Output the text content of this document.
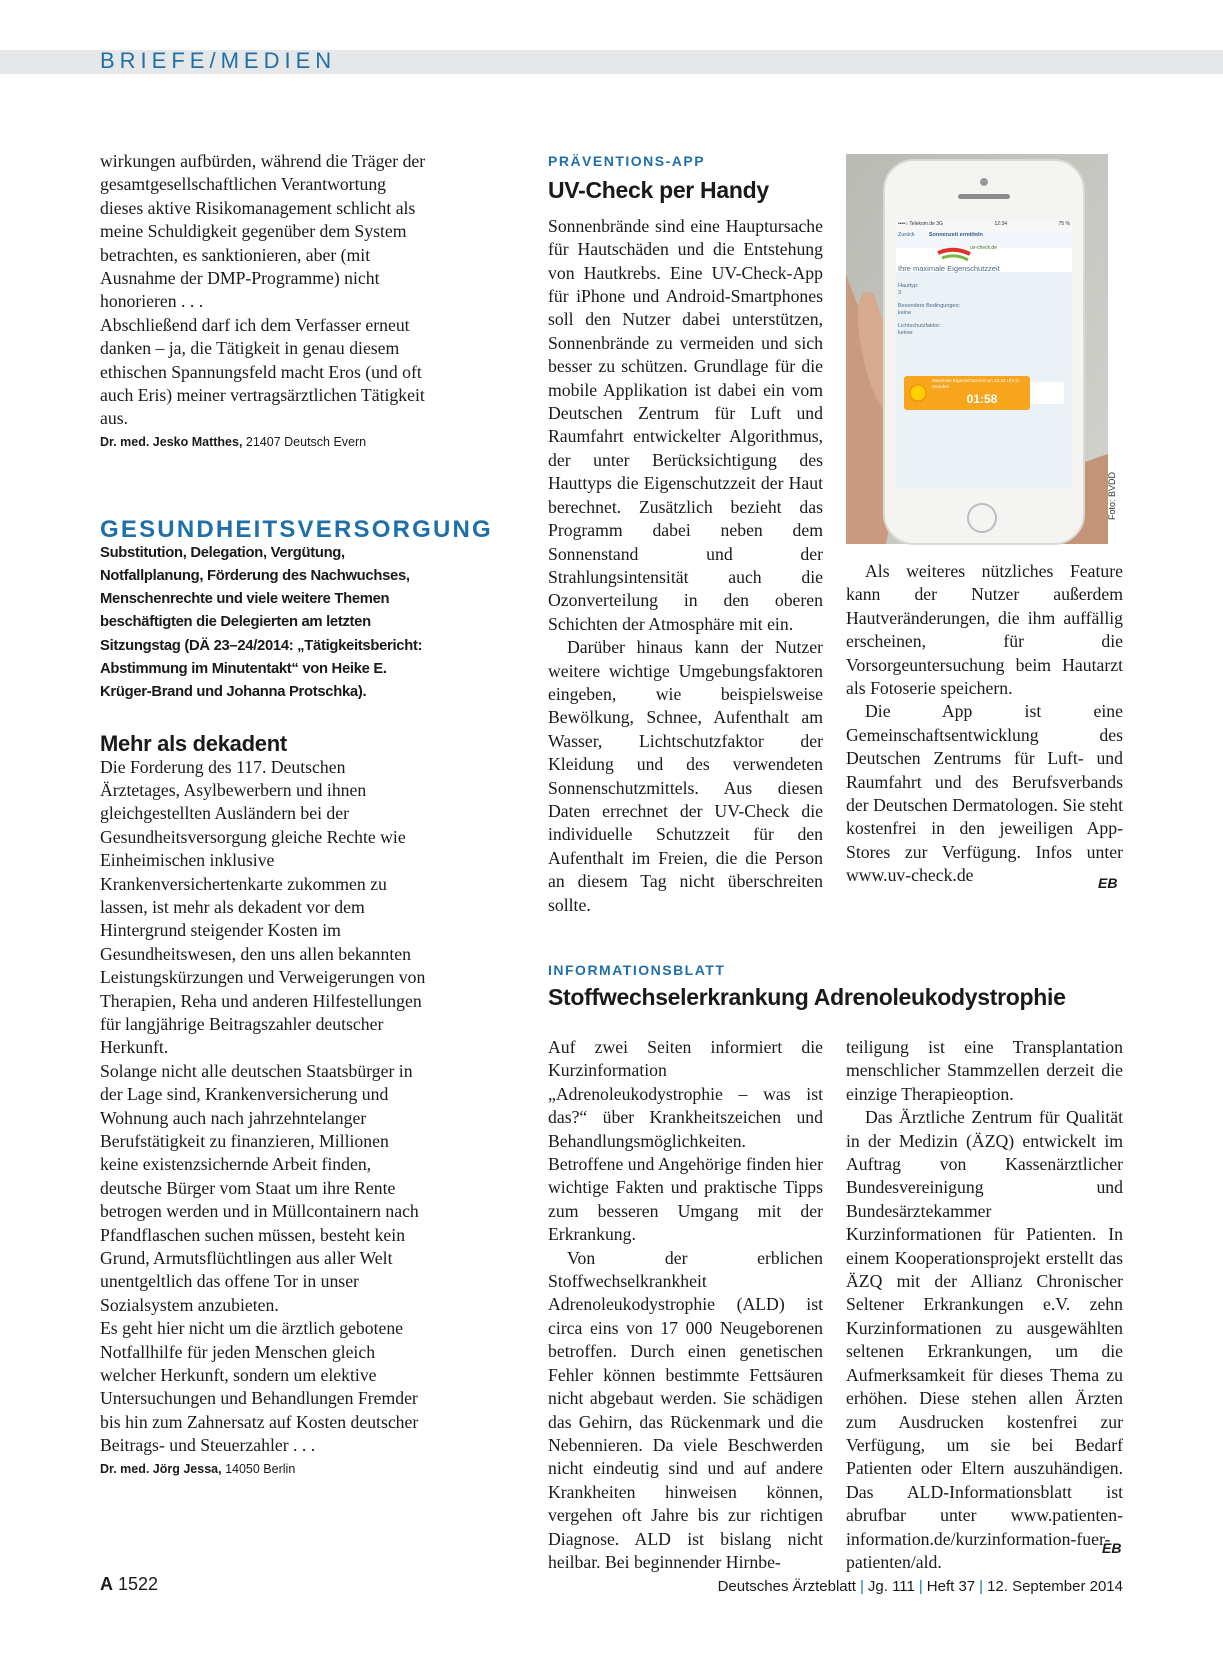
BRIEFE/MEDIEN

wirkungen aufbürden, während die Träger der gesamtgesellschaftlichen Verantwortung dieses aktive Risikomanagement schlicht als meine Schuldigkeit gegenüber dem System betrachten, es sanktionieren, aber (mit Ausnahme der DMP-Programme) nicht honorieren . . .

Abschließend darf ich dem Verfasser erneut danken – ja, die Tätigkeit in genau diesem ethischen Spannungsfeld macht Eros (und oft auch Eris) meiner vertragsärztlichen Tätigkeit aus.

Dr. med. Jesko Matthes, 21407 Deutsch Evern

GESUNDHEITSVERSORGUNG

Substitution, Delegation, Vergütung, Notfallplanung, Förderung des Nachwuchses, Menschenrechte und viele weitere Themen beschäftigten die Delegierten am letzten Sitzungstag (DÄ 23–24/2014: „Tätigkeitsbericht: Abstimmung im Minutentakt“ von Heike E. Krüger-Brand und Johanna Protschka).

Mehr als dekadent

Die Forderung des 117. Deutschen Ärztetages, Asylbewerbern und ihnen gleichgestellten Ausländern bei der Gesundheitsversorgung gleiche Rechte wie Einheimischen inklusive Krankenversichertenkarte zukommen zu lassen, ist mehr als dekadent vor dem Hintergrund steigender Kosten im Gesundheitswesen, den uns allen bekannten Leistungskürzungen und Verweigerungen von Therapien, Reha und anderen Hilfestellungen für langjährige Beitragszahler deutscher Herkunft.

Solange nicht alle deutschen Staatsbürger in der Lage sind, Krankenversicherung und Wohnung auch nach jahrzehntelanger Berufstätigkeit zu finanzieren, Millionen keine existenzsichernde Arbeit finden, deutsche Bürger vom Staat um ihre Rente betrogen werden und in Müllcontainern nach Pfandflaschen suchen müssen, besteht kein Grund, Armutsflüchtlingen aus aller Welt unentgeltlich das offene Tor in unser Sozialsystem anzubieten.

Es geht hier nicht um die ärztlich gebotene Notfallhilfe für jeden Menschen gleich welcher Herkunft, sondern um elektive Untersuchungen und Behandlungen Fremder bis hin zum Zahnersatz auf Kosten deutscher Beitrags- und Steuerzahler . . .

Dr. med. Jörg Jessa, 14050 Berlin

PRÄVENTIONS-APP

UV-Check per Handy

Sonnenbrände sind eine Hauptursache für Hautschäden und die Entstehung von Hautkrebs. Eine UV-Check-App für iPhone und Android-Smartphones soll den Nutzer dabei unterstützen, Sonnenbrände zu vermeiden und sich besser zu schützen. Grundlage für die mobile Applikation ist dabei ein vom Deutschen Zentrum für Luft und Raumfahrt entwickelter Algorithmus, der unter Berücksichtigung des Hauttyps die Eigenschutzzeit der Haut berechnet. Zusätzlich bezieht das Programm dabei neben dem Sonnenstand und der Strahlungsintensität auch die Ozonverteilung in den oberen Schichten der Atmosphäre mit ein.

Darüber hinaus kann der Nutzer weitere wichtige Umgebungsfaktoren eingeben, wie beispielsweise Bewölkung, Schnee, Aufenthalt am Wasser, Lichtschutzfaktor der Kleidung und des verwendeten Sonnenschutzmittels. Aus diesen Daten errechnet der UV-Check die individuelle Schutzzeit für den Aufenthalt im Freien, die die Person an diesem Tag nicht überschreiten sollte.

••••○ Telekom.de 3G	12:34	75 %
Zurück	Sonnenzeit ermitteln
uv-check.de
Ihre maximale Eigenschutzzeit
Hauttyp:
3
Besondere Bedingungen:
keine
Lichtschutzfaktor:
keiner
Maximale Eigenschutzzeit um 12:32 Uhr in Stunden
01:58
Foto: BVDD

Als weiteres nützliches Feature kann der Nutzer außerdem Hautveränderungen, die ihm auffällig erscheinen, für die Vorsorgeuntersuchung beim Hautarzt als Fotoserie speichern.

Die App ist eine Gemeinschaftsentwicklung des Deutschen Zentrums für Luft- und Raumfahrt und des Berufsverbands der Deutschen Dermatologen. Sie steht kostenfrei in den jeweiligen App-Stores zur Verfügung. Infos unter www.uv-check.de	EB

INFORMATIONSBLATT

Stoffwechselerkrankung Adrenoleukodystrophie

Auf zwei Seiten informiert die Kurzinformation „Adrenoleukodystrophie – was ist das?“ über Krankheitszeichen und Behandlungsmöglichkeiten. Betroffene und Angehörige finden hier wichtige Fakten und praktische Tipps zum besseren Umgang mit der Erkrankung.

Von der erblichen Stoffwechselkrankheit Adrenoleukodystrophie (ALD) ist circa eins von 17 000 Neugeborenen betroffen. Durch einen genetischen Fehler können bestimmte Fettsäuren nicht abgebaut werden. Sie schädigen das Gehirn, das Rückenmark und die Nebennieren. Da viele Beschwerden nicht eindeutig sind und auf andere Krankheiten hinweisen können, vergehen oft Jahre bis zur richtigen Diagnose. ALD ist bislang nicht heilbar. Bei beginnender Hirnbe-

teiligung ist eine Transplantation menschlicher Stammzellen derzeit die einzige Therapieoption.

Das Ärztliche Zentrum für Qualität in der Medizin (ÄZQ) entwickelt im Auftrag von Kassenärztlicher Bundesvereinigung und Bundesärztekammer Kurzinformationen für Patienten. In einem Kooperationsprojekt erstellt das ÄZQ mit der Allianz Chronischer Seltener Erkrankungen e.V. zehn Kurzinformationen zu ausgewählten seltenen Erkrankungen, um die Aufmerksamkeit für dieses Thema zu erhöhen. Diese stehen allen Ärzten zum Ausdrucken kostenfrei zur Verfügung, um sie bei Bedarf Patienten oder Eltern auszuhändigen. Das ALD-Informationsblatt ist abrufbar unter www.patienten-information.de/kurzinformation-fuer-patienten/ald.

EB
A 1522	Deutsches Ärzteblatt | Jg. 111 | Heft 37 | 12. September 2014
